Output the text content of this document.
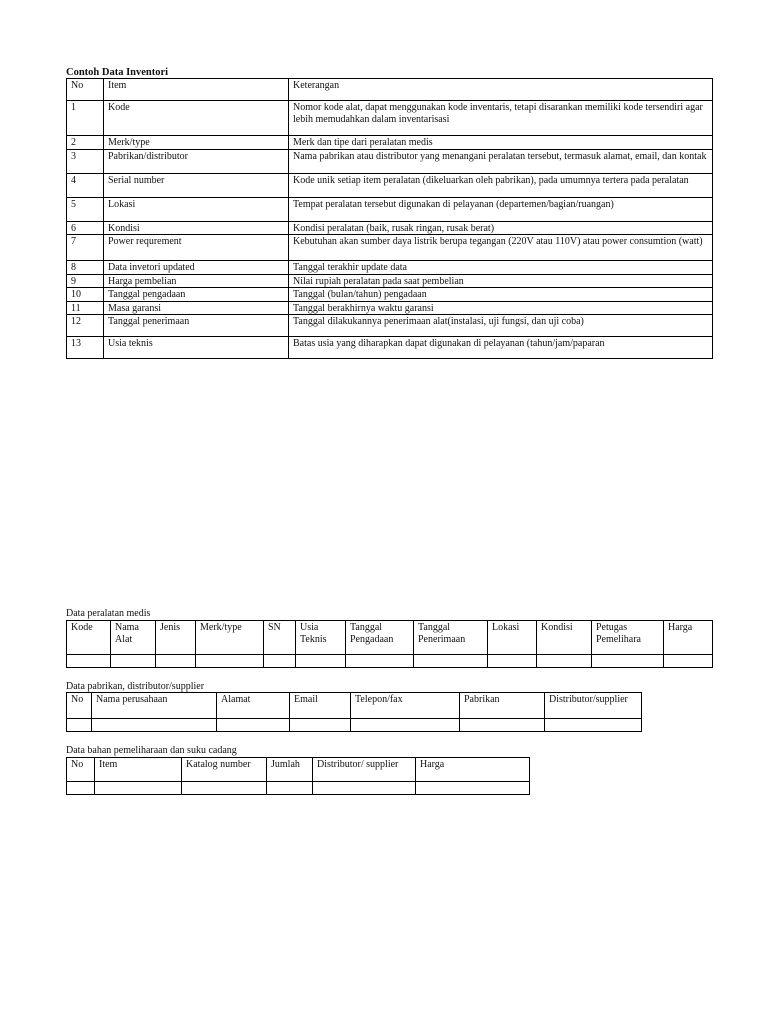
Contoh Data Inventori
No	Item	Keterangan
1	Kode	Nomor kode alat, dapat menggunakan kode inventaris, tetapi disarankan memiliki kode tersendiri agar lebih memudahkan dalam inventarisasi
2	Merk/type	Merk dan tipe dari peralatan medis
3	Pabrikan/distributor	Nama pabrikan atau distributor yang menangani peralatan tersebut, termasuk alamat, email, dan kontak
4	Serial number	Kode unik setiap item peralatan (dikeluarkan oleh pabrikan), pada umumnya tertera pada peralatan
5	Lokasi	Tempat peralatan tersebut digunakan di pelayanan (departemen/bagian/ruangan)
6	Kondisi	Kondisi peralatan (baik, rusak ringan, rusak berat)
7	Power requrement	Kebutuhan akan sumber daya listrik berupa tegangan (220V atau 110V) atau power consumtion (watt)
8	Data invetori updated	Tanggal terakhir update data
9	Harga pembelian	Nilai rupiah peralatan pada saat pembelian
10	Tanggal pengadaan	Tanggal (bulan/tahun) pengadaan
11	Masa garansi	Tanggal berakhirnya waktu garansi
12	Tanggal penerimaan	Tanggal dilakukannya penerimaan alat(instalasi, uji fungsi, dan uji coba)
13	Usia teknis	Batas usia yang diharapkan dapat digunakan di pelayanan (tahun/jam/paparan
Data peralatan medis
Kode	Nama Alat	Jenis	Merk/type	SN	Usia Teknis	Tanggal Pengadaan	Tanggal Penerimaan	Lokasi	Kondisi	Petugas Pemelihara	Harga

Data pabrikan, distributor/supplier
No	Nama perusahaan	Alamat	Email	Telepon/fax	Pabrikan	Distributor/supplier

Data bahan pemeliharaan dan suku cadang
No	Item	Katalog number	Jumlah	Distributor/ supplier	Harga
